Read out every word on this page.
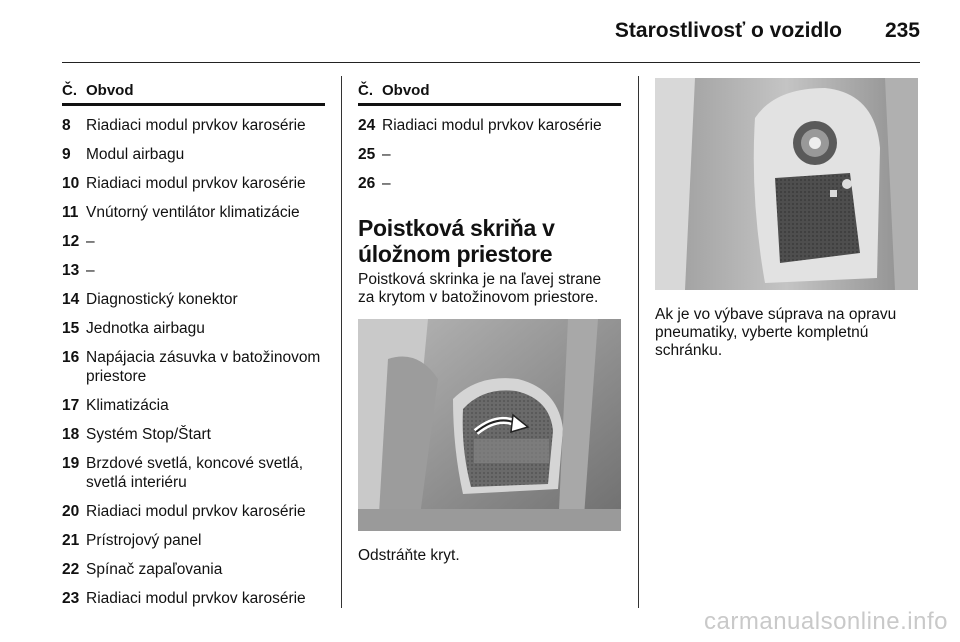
Starostlivosť o vozidlo 235
Č. Obvod
8 Riadiaci modul prvkov karosérie
9 Modul airbagu
10 Riadiaci modul prvkov karosérie
11 Vnútorný ventilátor klimatizácie
12 –
13 –
14 Diagnostický konektor
15 Jednotka airbagu
16 Napájacia zásuvka v batožinovom priestore
17 Klimatizácia
18 Systém Stop/Štart
19 Brzdové svetlá, koncové svetlá, svetlá interiéru
20 Riadiaci modul prvkov karosérie
21 Prístrojový panel
22 Spínač zapaľovania
23 Riadiaci modul prvkov karosérie
Č. Obvod
24 Riadiaci modul prvkov karosérie
25 –
26 –
Poistková skriňa v úložnom priestore
Poistková skrinka je na ľavej strane za krytom v batožinovom priestore.
Odstráňte kryt.
Ak je vo výbave súprava na opravu pneumatiky, vyberte kompletnú schránku.
carmanualsonline.info
